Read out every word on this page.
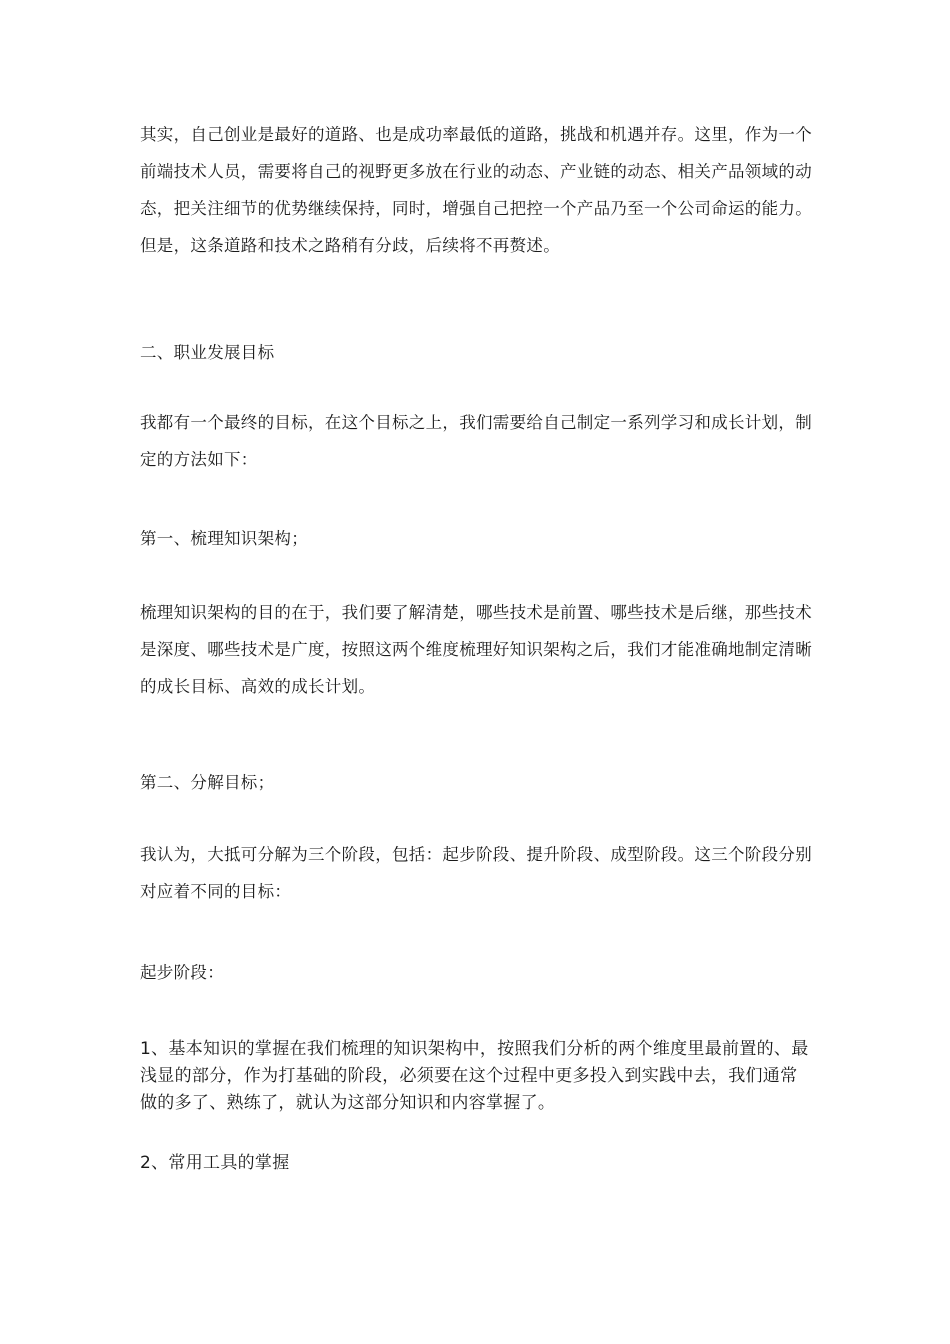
其实，自己创业是最好的道路、也是成功率最低的道路，挑战和机遇并存。这里，作为一个前端技术人员，需要将自己的视野更多放在行业的动态、产业链的动态、相关产品领域的动态，把关注细节的优势继续保持，同时，增强自己把控一个产品乃至一个公司命运的能力。但是，这条道路和技术之路稍有分歧，后续将不再赘述。

二、职业发展目标

我都有一个最终的目标，在这个目标之上，我们需要给自己制定一系列学习和成长计划，制定的方法如下：

第一、梳理知识架构；

梳理知识架构的目的在于，我们要了解清楚，哪些技术是前置、哪些技术是后继，那些技术是深度、哪些技术是广度，按照这两个维度梳理好知识架构之后，我们才能准确地制定清晰的成长目标、高效的成长计划。

第二、分解目标；

我认为，大抵可分解为三个阶段，包括：起步阶段、提升阶段、成型阶段。这三个阶段分别对应着不同的目标：

起步阶段：

1、基本知识的掌握在我们梳理的知识架构中，按照我们分析的两个维度里最前置的、最浅显的部分，作为打基础的阶段，必须要在这个过程中更多投入到实践中去，我们通常做的多了、熟练了，就认为这部分知识和内容掌握了。

2、常用工具的掌握
